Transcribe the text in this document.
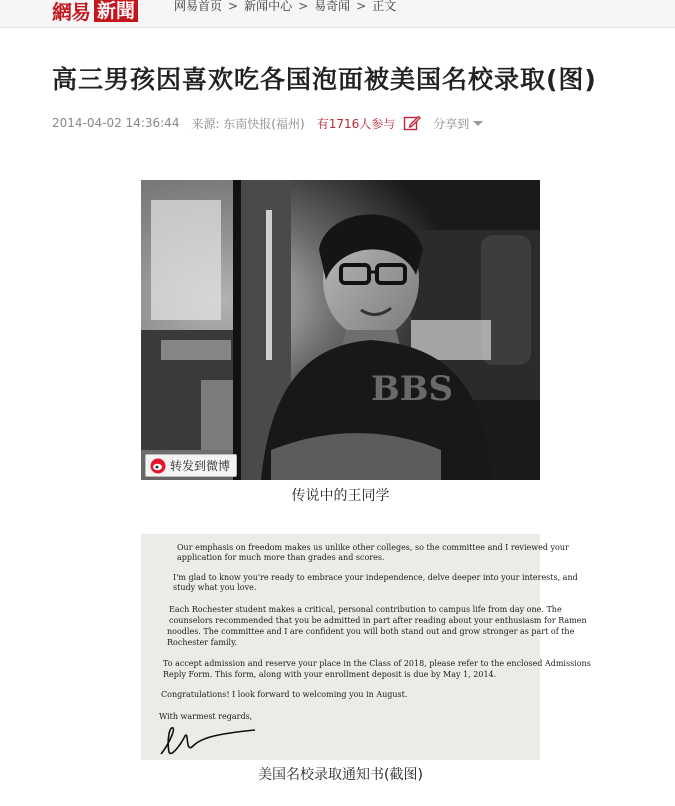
網易 新聞	网易首页 > 新闻中心 > 易奇闻 > 正文
高三男孩因喜欢吃各国泡面被美国名校录取(图)
2014-04-02 14:36:44 来源: 东南快报(福州) 有1716人参与	分享到
BBS
转发到微博
传说中的王同学

Our emphasis on freedom makes us unlike other colleges, so the committee and I reviewed your

application for much more than grades and scores.

I'm glad to know you're ready to embrace your independence, delve deeper into your interests, and

study what you love.

Each Rochester student makes a critical, personal contribution to campus life from day one. The

counselors recommended that you be admitted in part after reading about your enthusiasm for Ramen

noodles. The committee and I are confident you will both stand out and grow stronger as part of the

Rochester family.

To accept admission and reserve your place in the Class of 2018, please refer to the enclosed Admissions

Reply Form. This form, along with your enrollment deposit is due by May 1, 2014.

Congratulations! I look forward to welcoming you in August.

With warmest regards,

美国名校录取通知书(截图)
